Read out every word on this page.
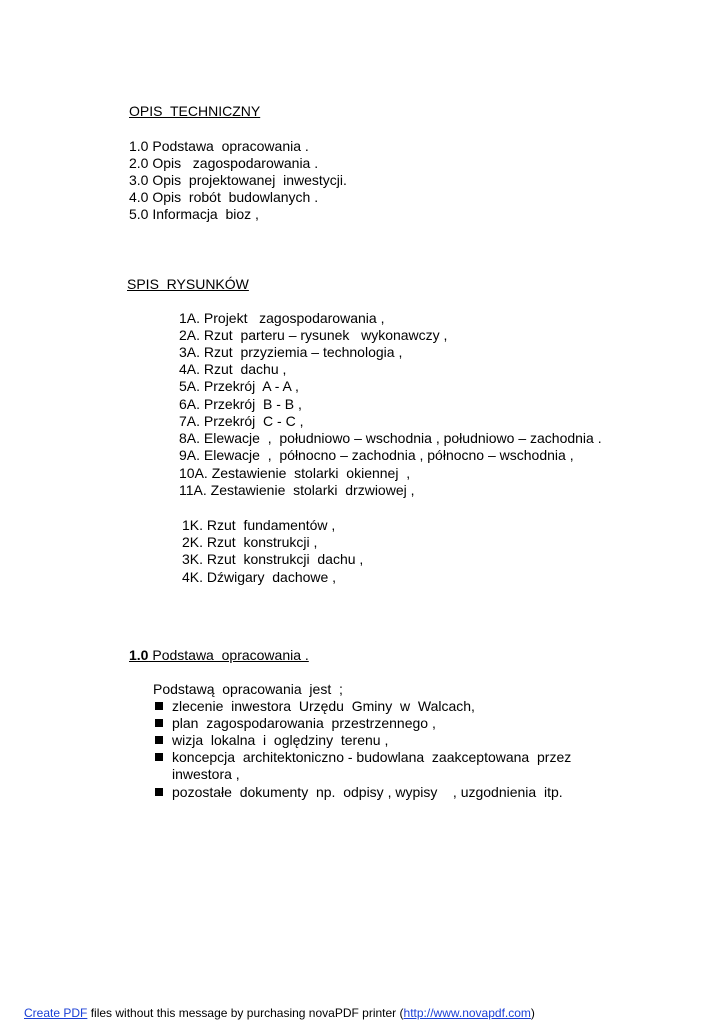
OPIS  TECHNICZNY
1.0 Podstawa  opracowania .
2.0 Opis   zagospodarowania .
3.0 Opis  projektowanej  inwestycji.
4.0 Opis  robót  budowlanych .
5.0 Informacja  bioz ,
SPIS  RYSUNKÓW
1A. Projekt   zagospodarowania ,
2A. Rzut  parteru – rysunek   wykonawczy ,
3A. Rzut  przyziemia – technologia ,
4A. Rzut  dachu ,
5A. Przekrój  A - A ,
6A. Przekrój  B - B ,
7A. Przekrój  C - C ,
8A. Elewacje  ,  południowo – wschodnia , południowo – zachodnia .
9A. Elewacje  ,  północno – zachodnia , północno – wschodnia ,
10A. Zestawienie  stolarki  okiennej  ,
11A. Zestawienie  stolarki  drzwiowej ,
1K. Rzut  fundamentów ,
2K. Rzut  konstrukcji ,
3K. Rzut  konstrukcji  dachu ,
4K. Dźwigary  dachowe ,
1.0 Podstawa  opracowania .
Podstawą  opracowania  jest  ;
zlecenie  inwestora  Urzędu  Gminy  w  Walcach,
plan  zagospodarowania  przestrzennego ,
wizja  lokalna  i  oględziny  terenu ,
koncepcja  architektoniczno - budowlana  zaakceptowana  przez
inwestora ,
pozostałe  dokumenty  np.  odpisy , wypisy    , uzgodnienia  itp.
Create PDF files without this message by purchasing novaPDF printer (http://www.novapdf.com)
